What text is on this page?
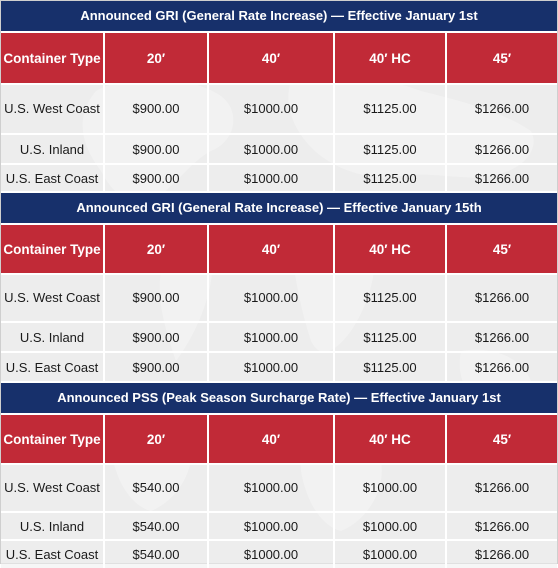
Announced GRI (General Rate Increase) — Effective January 1st
Container Type	20′	40′	40′ HC	45′
U.S. West Coast	$900.00	$1000.00	$1125.00	$1266.00
U.S. Inland	$900.00	$1000.00	$1125.00	$1266.00
U.S. East Coast	$900.00	$1000.00	$1125.00	$1266.00
Announced GRI (General Rate Increase) — Effective January 15th
Container Type	20′	40′	40′ HC	45′
U.S. West Coast	$900.00	$1000.00	$1125.00	$1266.00
U.S. Inland	$900.00	$1000.00	$1125.00	$1266.00
U.S. East Coast	$900.00	$1000.00	$1125.00	$1266.00
Announced PSS (Peak Season Surcharge Rate) — Effective January 1st
Container Type	20′	40′	40′ HC	45′
U.S. West Coast	$540.00	$1000.00	$1000.00	$1266.00
U.S. Inland	$540.00	$1000.00	$1000.00	$1266.00
U.S. East Coast	$540.00	$1000.00	$1000.00	$1266.00
